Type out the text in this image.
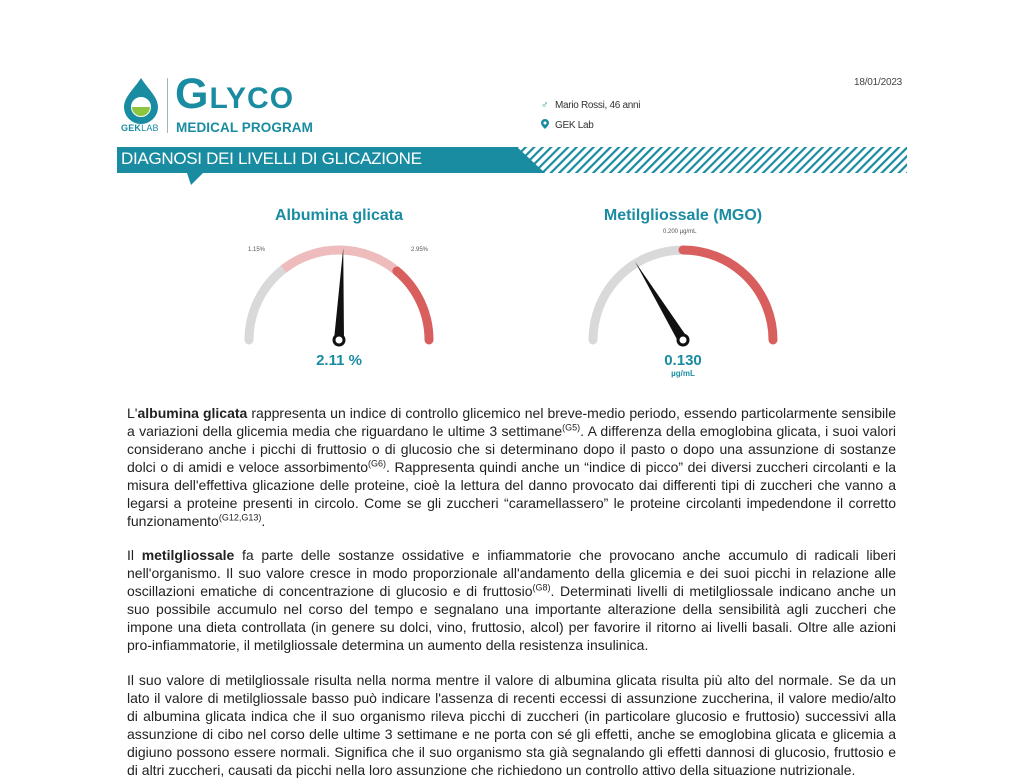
18/01/2023
GEKLAB
Glyco
MEDICAL PROGRAM
♂ Mario Rossi, 46 anni
GEK Lab
DIAGNOSI DEI LIVELLI DI GLICAZIONE
Albumina glicata
1.15%	2.95%
2.11 %
Metilgliossale (MGO)
0.200 µg/mL
0.130
µg/mL

L'albumina glicata rappresenta un indice di controllo glicemico nel breve-medio periodo, essendo particolarmente sensibile a variazioni della glicemia media che riguardano le ultime 3 settimane$^{(G5)}$. A differenza della emoglobina glicata, i suoi valori considerano anche i picchi di fruttosio o di glucosio che si determinano dopo il pasto o dopo una assunzione di sostanze dolci o di amidi e veloce assorbimento$^{(G6)}$. Rappresenta quindi anche un “indice di picco” dei diversi zuccheri circolanti e la misura dell'effettiva glicazione delle proteine, cioè la lettura del danno provocato dai differenti tipi di zuccheri che vanno a legarsi a proteine presenti in circolo. Come se gli zuccheri “caramellassero” le proteine circolanti impedendone il corretto funzionamento$^{(G12,G13)}$.

Il metilgliossale fa parte delle sostanze ossidative e infiammatorie che provocano anche accumulo di radicali liberi nell'organismo. Il suo valore cresce in modo proporzionale all'andamento della glicemia e dei suoi picchi in relazione alle oscillazioni ematiche di concentrazione di glucosio e di fruttosio$^{(G8)}$. Determinati livelli di metilgliossale indicano anche un suo possibile accumulo nel corso del tempo e segnalano una importante alterazione della sensibilità agli zuccheri che impone una dieta controllata (in genere su dolci, vino, fruttosio, alcol) per favorire il ritorno ai livelli basali. Oltre alle azioni pro-infiammatorie, il metilgliossale determina un aumento della resistenza insulinica.

Il suo valore di metilgliossale risulta nella norma mentre il valore di albumina glicata risulta più alto del normale. Se da un lato il valore di metilgliossale basso può indicare l'assenza di recenti eccessi di assunzione zuccherina, il valore medio/alto di albumina glicata indica che il suo organismo rileva picchi di zuccheri (in particolare glucosio e fruttosio) successivi alla assunzione di cibo nel corso delle ultime 3 settimane e ne porta con sé gli effetti, anche se emoglobina glicata e glicemia a digiuno possono essere normali. Significa che il suo organismo sta già segnalando gli effetti dannosi di glucosio, fruttosio e di altri zuccheri, causati da picchi nella loro assunzione che richiedono un controllo attivo della situazione nutrizionale.
